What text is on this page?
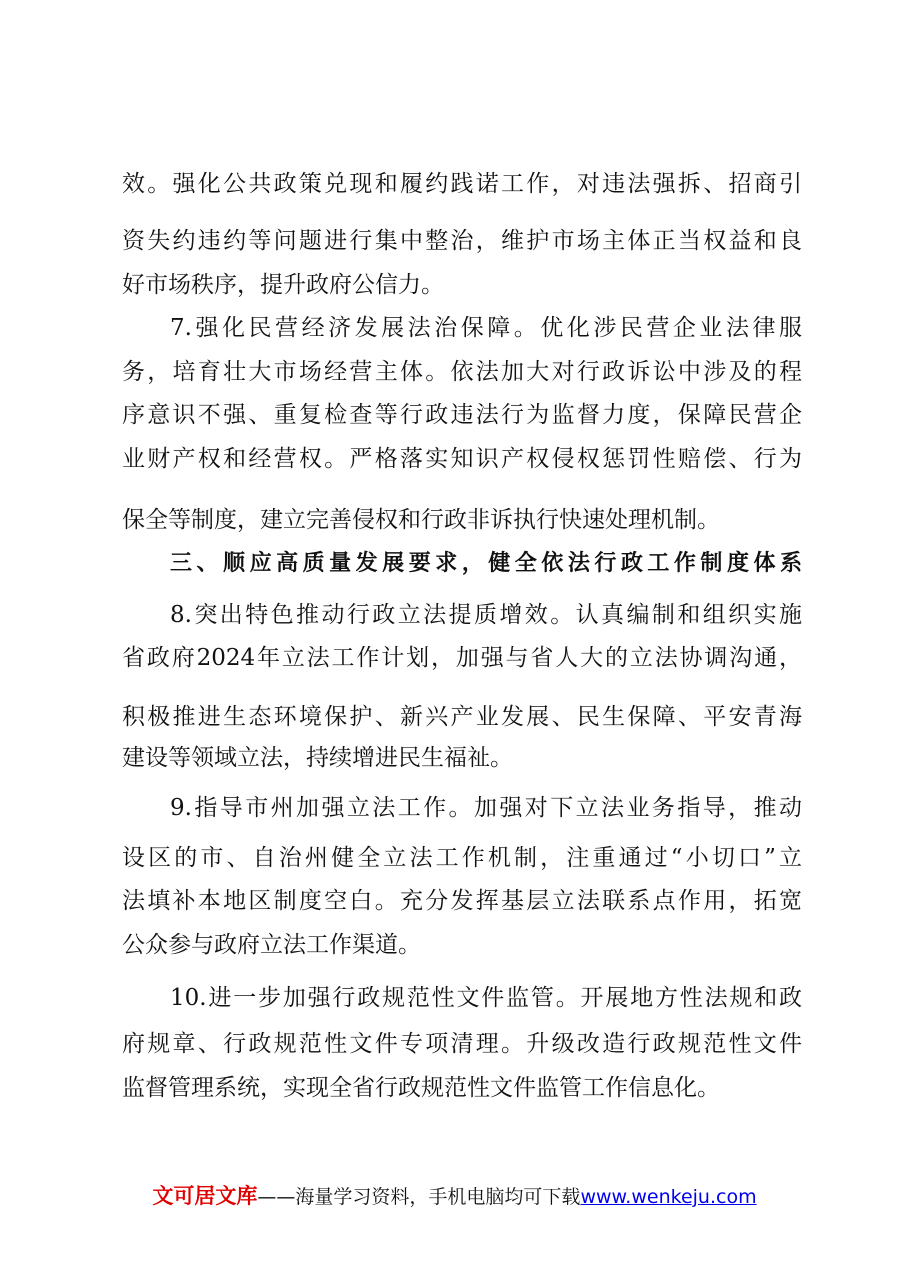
效。强化公共政策兑现和履约践诺工作，对违法强拆、招商引
资失约违约等问题进行集中整治，维护市场主体正当权益和良
好市场秩序，提升政府公信力。
7.强化民营经济发展法治保障。优化涉民营企业法律服
务，培育壮大市场经营主体。依法加大对行政诉讼中涉及的程
序意识不强、重复检查等行政违法行为监督力度，保障民营企
业财产权和经营权。严格落实知识产权侵权惩罚性赔偿、行为
保全等制度，建立完善侵权和行政非诉执行快速处理机制。
三、顺应高质量发展要求，健全依法行政工作制度体系
8.突出特色推动行政立法提质增效。认真编制和组织实施
省政府2024年立法工作计划，加强与省人大的立法协调沟通，
积极推进生态环境保护、新兴产业发展、民生保障、平安青海
建设等领域立法，持续增进民生福祉。
9.指导市州加强立法工作。加强对下立法业务指导，推动
设区的市、自治州健全立法工作机制，注重通过“小切口”立
法填补本地区制度空白。充分发挥基层立法联系点作用，拓宽
公众参与政府立法工作渠道。
10.进一步加强行政规范性文件监管。开展地方性法规和政
府规章、行政规范性文件专项清理。升级改造行政规范性文件
监督管理系统，实现全省行政规范性文件监管工作信息化。
文可居文库——海量学习资料，手机电脑均可下载www.wenkeju.com
